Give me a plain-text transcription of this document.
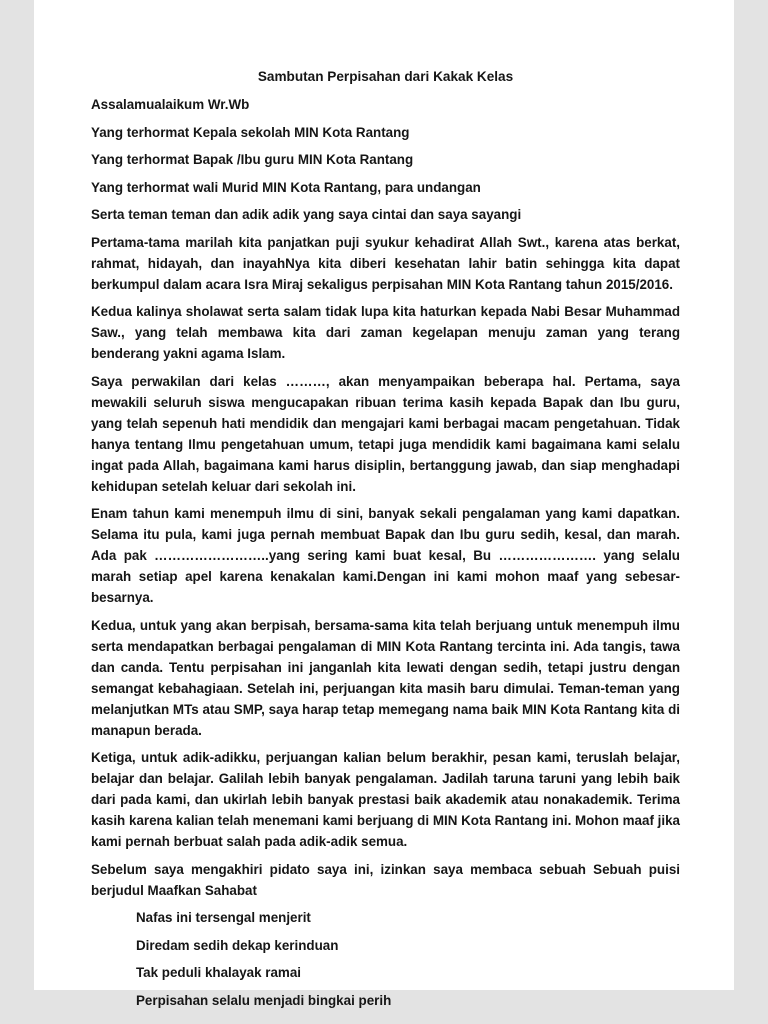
Sambutan Perpisahan dari Kakak Kelas

Assalamualaikum Wr.Wb

Yang terhormat Kepala sekolah MIN Kota Rantang

Yang terhormat Bapak /Ibu guru MIN Kota Rantang

Yang terhormat wali Murid MIN Kota Rantang, para undangan

Serta teman teman dan adik adik yang saya cintai dan saya sayangi

Pertama-tama marilah kita panjatkan puji syukur kehadirat Allah Swt., karena atas berkat, rahmat, hidayah, dan inayahNya kita diberi kesehatan lahir batin sehingga kita dapat berkumpul dalam acara Isra Miraj sekaligus perpisahan MIN Kota Rantang tahun 2015/2016.

Kedua kalinya sholawat serta salam tidak lupa kita haturkan kepada Nabi Besar Muhammad Saw., yang telah membawa kita dari zaman kegelapan menuju zaman yang terang benderang yakni agama Islam.

Saya perwakilan dari kelas ………, akan menyampaikan beberapa hal. Pertama, saya mewakili seluruh siswa mengucapakan ribuan terima kasih kepada Bapak dan Ibu guru, yang telah sepenuh hati mendidik dan mengajari kami berbagai macam pengetahuan. Tidak hanya tentang Ilmu pengetahuan umum, tetapi juga mendidik kami bagaimana kami selalu ingat pada Allah, bagaimana kami harus disiplin, bertanggung jawab, dan siap menghadapi kehidupan setelah keluar dari sekolah ini.

Enam tahun kami menempuh ilmu di sini, banyak sekali pengalaman yang kami dapatkan. Selama itu pula, kami juga pernah membuat Bapak dan Ibu guru sedih, kesal, dan marah. Ada pak ……………………..yang sering kami buat kesal, Bu …………………. yang selalu marah setiap apel karena kenakalan kami.Dengan ini kami mohon maaf yang sebesar-besarnya.

Kedua, untuk yang akan berpisah, bersama-sama kita telah berjuang untuk menempuh ilmu serta mendapatkan berbagai pengalaman di MIN Kota Rantang tercinta ini. Ada tangis, tawa dan canda. Tentu perpisahan ini janganlah kita lewati dengan sedih, tetapi justru dengan semangat kebahagiaan. Setelah ini, perjuangan kita masih baru dimulai. Teman-teman yang melanjutkan MTs atau SMP, saya harap tetap memegang nama baik MIN Kota Rantang kita di manapun berada.

Ketiga, untuk adik-adikku, perjuangan kalian belum berakhir, pesan kami, teruslah belajar, belajar dan belajar. Galilah lebih banyak pengalaman. Jadilah taruna taruni yang lebih baik dari pada kami, dan ukirlah lebih banyak prestasi baik akademik atau nonakademik. Terima kasih karena kalian telah menemani kami berjuang di MIN Kota Rantang ini. Mohon maaf jika kami pernah berbuat salah pada adik-adik semua.

Sebelum saya mengakhiri pidato saya ini, izinkan saya membaca sebuah Sebuah puisi berjudul Maafkan Sahabat

Nafas ini tersengal menjerit

Diredam sedih dekap kerinduan

Tak peduli khalayak ramai

Perpisahan selalu menjadi bingkai perih
